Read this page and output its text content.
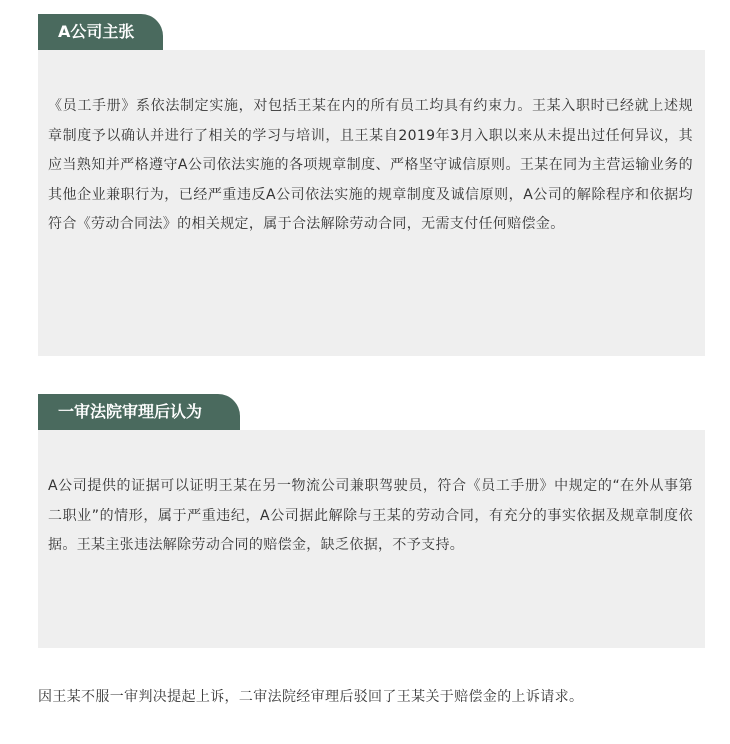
A公司主张

《员工手册》系依法制定实施，对包括王某在内的所有员工均具有约束力。王某入职时已经就上述规章制度予以确认并进行了相关的学习与培训，且王某自2019年3月入职以来从未提出过任何异议，其应当熟知并严格遵守A公司依法实施的各项规章制度、严格坚守诚信原则。王某在同为主营运输业务的其他企业兼职行为，已经严重违反A公司依法实施的规章制度及诚信原则，A公司的解除程序和依据均符合《劳动合同法》的相关规定，属于合法解除劳动合同，无需支付任何赔偿金。

一审法院审理后认为

A公司提供的证据可以证明王某在另一物流公司兼职驾驶员，符合《员工手册》中规定的“在外从事第二职业”的情形，属于严重违纪，A公司据此解除与王某的劳动合同，有充分的事实依据及规章制度依据。王某主张违法解除劳动合同的赔偿金，缺乏依据，不予支持。

因王某不服一审判决提起上诉，二审法院经审理后驳回了王某关于赔偿金的上诉请求。
